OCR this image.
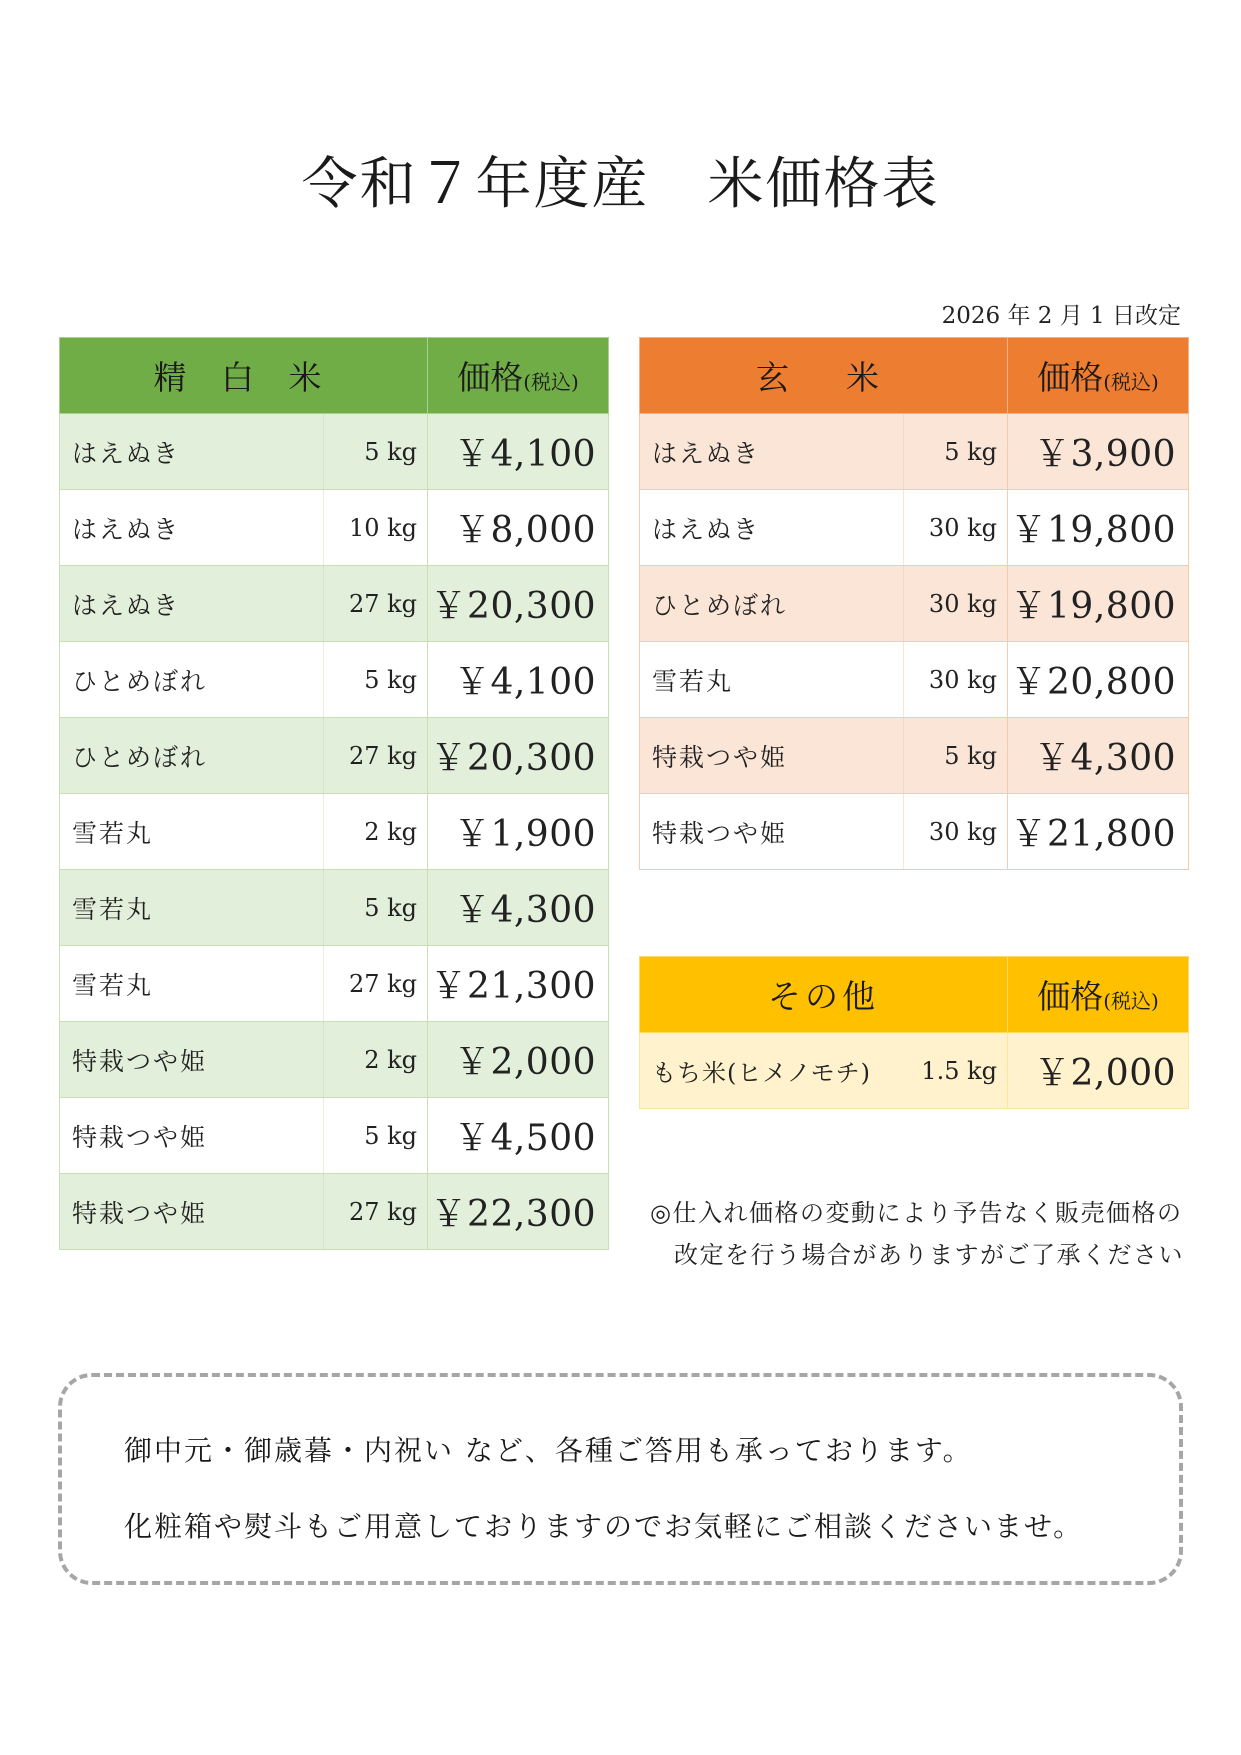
令和７年度産　米価格表
2026 年 2 月 1 日改定
精 白 米		価格(税込)
はえぬき	5 kg	￥4,100
はえぬき	10 kg	￥8,000
はえぬき	27 kg	￥20,300
ひとめぼれ	5 kg	￥4,100
ひとめぼれ	27 kg	￥20,300
雪若丸	2 kg	￥1,900
雪若丸	5 kg	￥4,300
雪若丸	27 kg	￥21,300
特栽つや姫	2 kg	￥2,000
特栽つや姫	5 kg	￥4,500
特栽つや姫	27 kg	￥22,300
玄　米		価格(税込)
はえぬき	5 kg	￥3,900
はえぬき	30 kg	￥19,800
ひとめぼれ	30 kg	￥19,800
雪若丸	30 kg	￥20,800
特栽つや姫	5 kg	￥4,300
特栽つや姫	30 kg	￥21,800
その他		価格(税込)
もち米(ヒメノモチ)	1.5 kg	￥2,000
◎仕入れ価格の変動により予告なく販売価格の
改定を行う場合がありますがご了承ください

御中元・御歳暮・内祝い など、各種ご答用も承っております。

化粧箱や熨斗もご用意しておりますのでお気軽にご相談くださいませ。
